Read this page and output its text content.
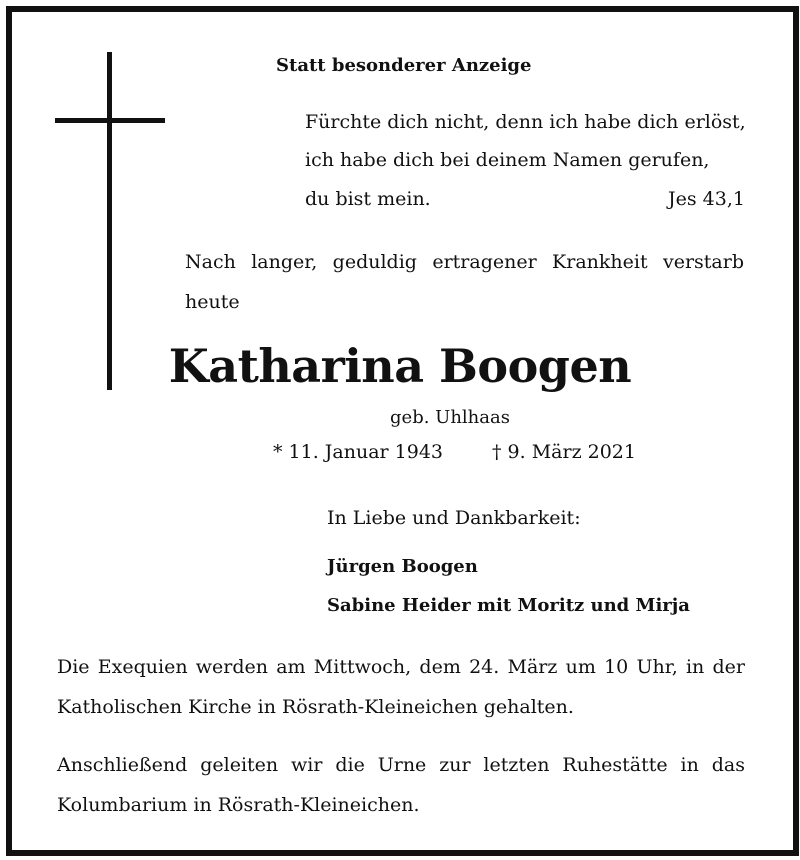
Statt besonderer Anzeige
Fürchte dich nicht, denn ich habe dich erlöst,
ich habe dich bei deinem Namen gerufen,
du bist mein.	Jes 43,1
Nach langer, geduldig ertragener Krankheit verstarb heute
Katharina Boogen
geb. Uhlhaas
* 11. Januar 1943	† 9. März 2021
In Liebe und Dankbarkeit:
Jürgen Boogen
Sabine Heider mit Moritz und Mirja
Die Exequien werden am Mittwoch, dem 24. März um 10 Uhr, in der Katholischen Kirche in Rösrath-Kleineichen gehalten.
Anschließend geleiten wir die Urne zur letzten Ruhestätte in das Kolumbarium in Rösrath-Kleineichen.
